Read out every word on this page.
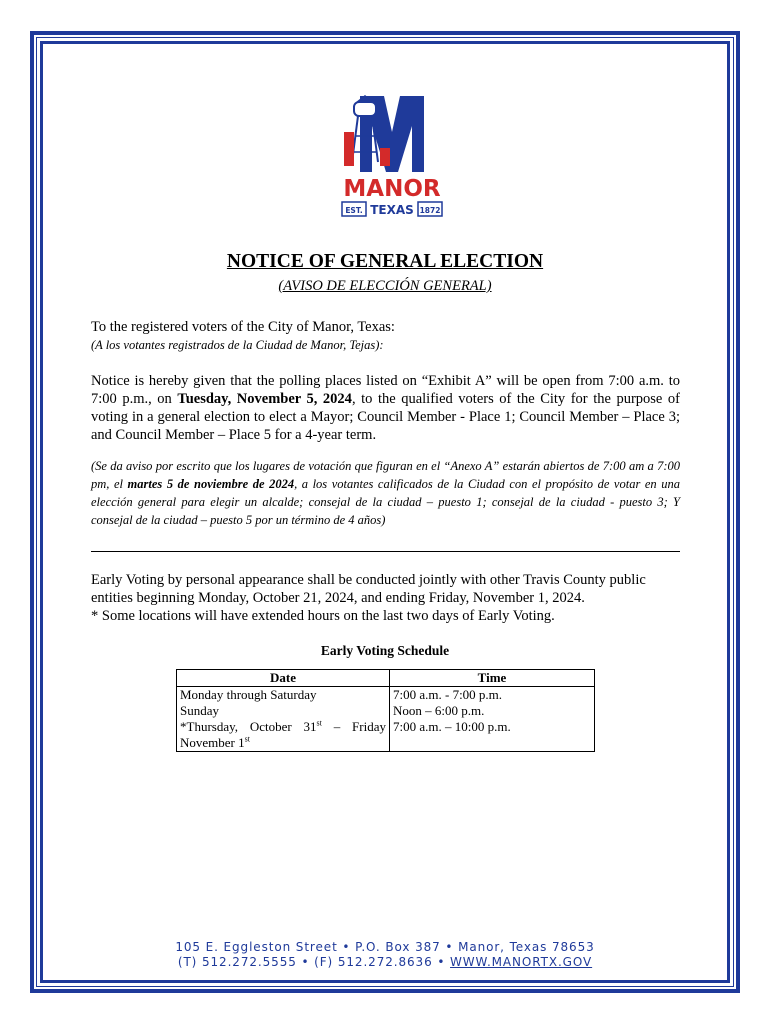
MANOR
EST. TEXAS 1872
NOTICE OF GENERAL ELECTION
(AVISO DE ELECCIÓN GENERAL)
To the registered voters of the City of Manor, Texas:
(A los votantes registrados de la Ciudad de Manor, Tejas):
Notice is hereby given that the polling places listed on “Exhibit A” will be open from 7:00 a.m. to 7:00 p.m., on Tuesday, November 5, 2024, to the qualified voters of the City for the purpose of voting in a general election to elect a Mayor; Council Member - Place 1; Council Member – Place 3; and Council Member – Place 5 for a 4-year term.
(Se da aviso por escrito que los lugares de votación que figuran en el “Anexo A” estarán abiertos de 7:00 am a 7:00 pm, el martes 5 de noviembre de 2024, a los votantes calificados de la Ciudad con el propósito de votar en una elección general para elegir un alcalde; consejal de la ciudad – puesto 1; consejal de la ciudad - puesto 3; Y consejal de la ciudad – puesto 5 por un término de 4 años)
Early Voting by personal appearance shall be conducted jointly with other Travis County public entities beginning Monday, October 21, 2024, and ending Friday, November 1, 2024.
* Some locations will have extended hours on the last two days of Early Voting.
Early Voting Schedule
Date	Time
Monday through Saturday	7:00 a.m. - 7:00 p.m.
Sunday	Noon – 6:00 p.m.

*Thursday, October 31st – Friday
November 1st	7:00 a.m. – 10:00 p.m.
105 E. Eggleston Street • P.O. Box 387 • Manor, Texas 78653
(T) 512.272.5555 • (F) 512.272.8636 • WWW.MANORTX.GOV
